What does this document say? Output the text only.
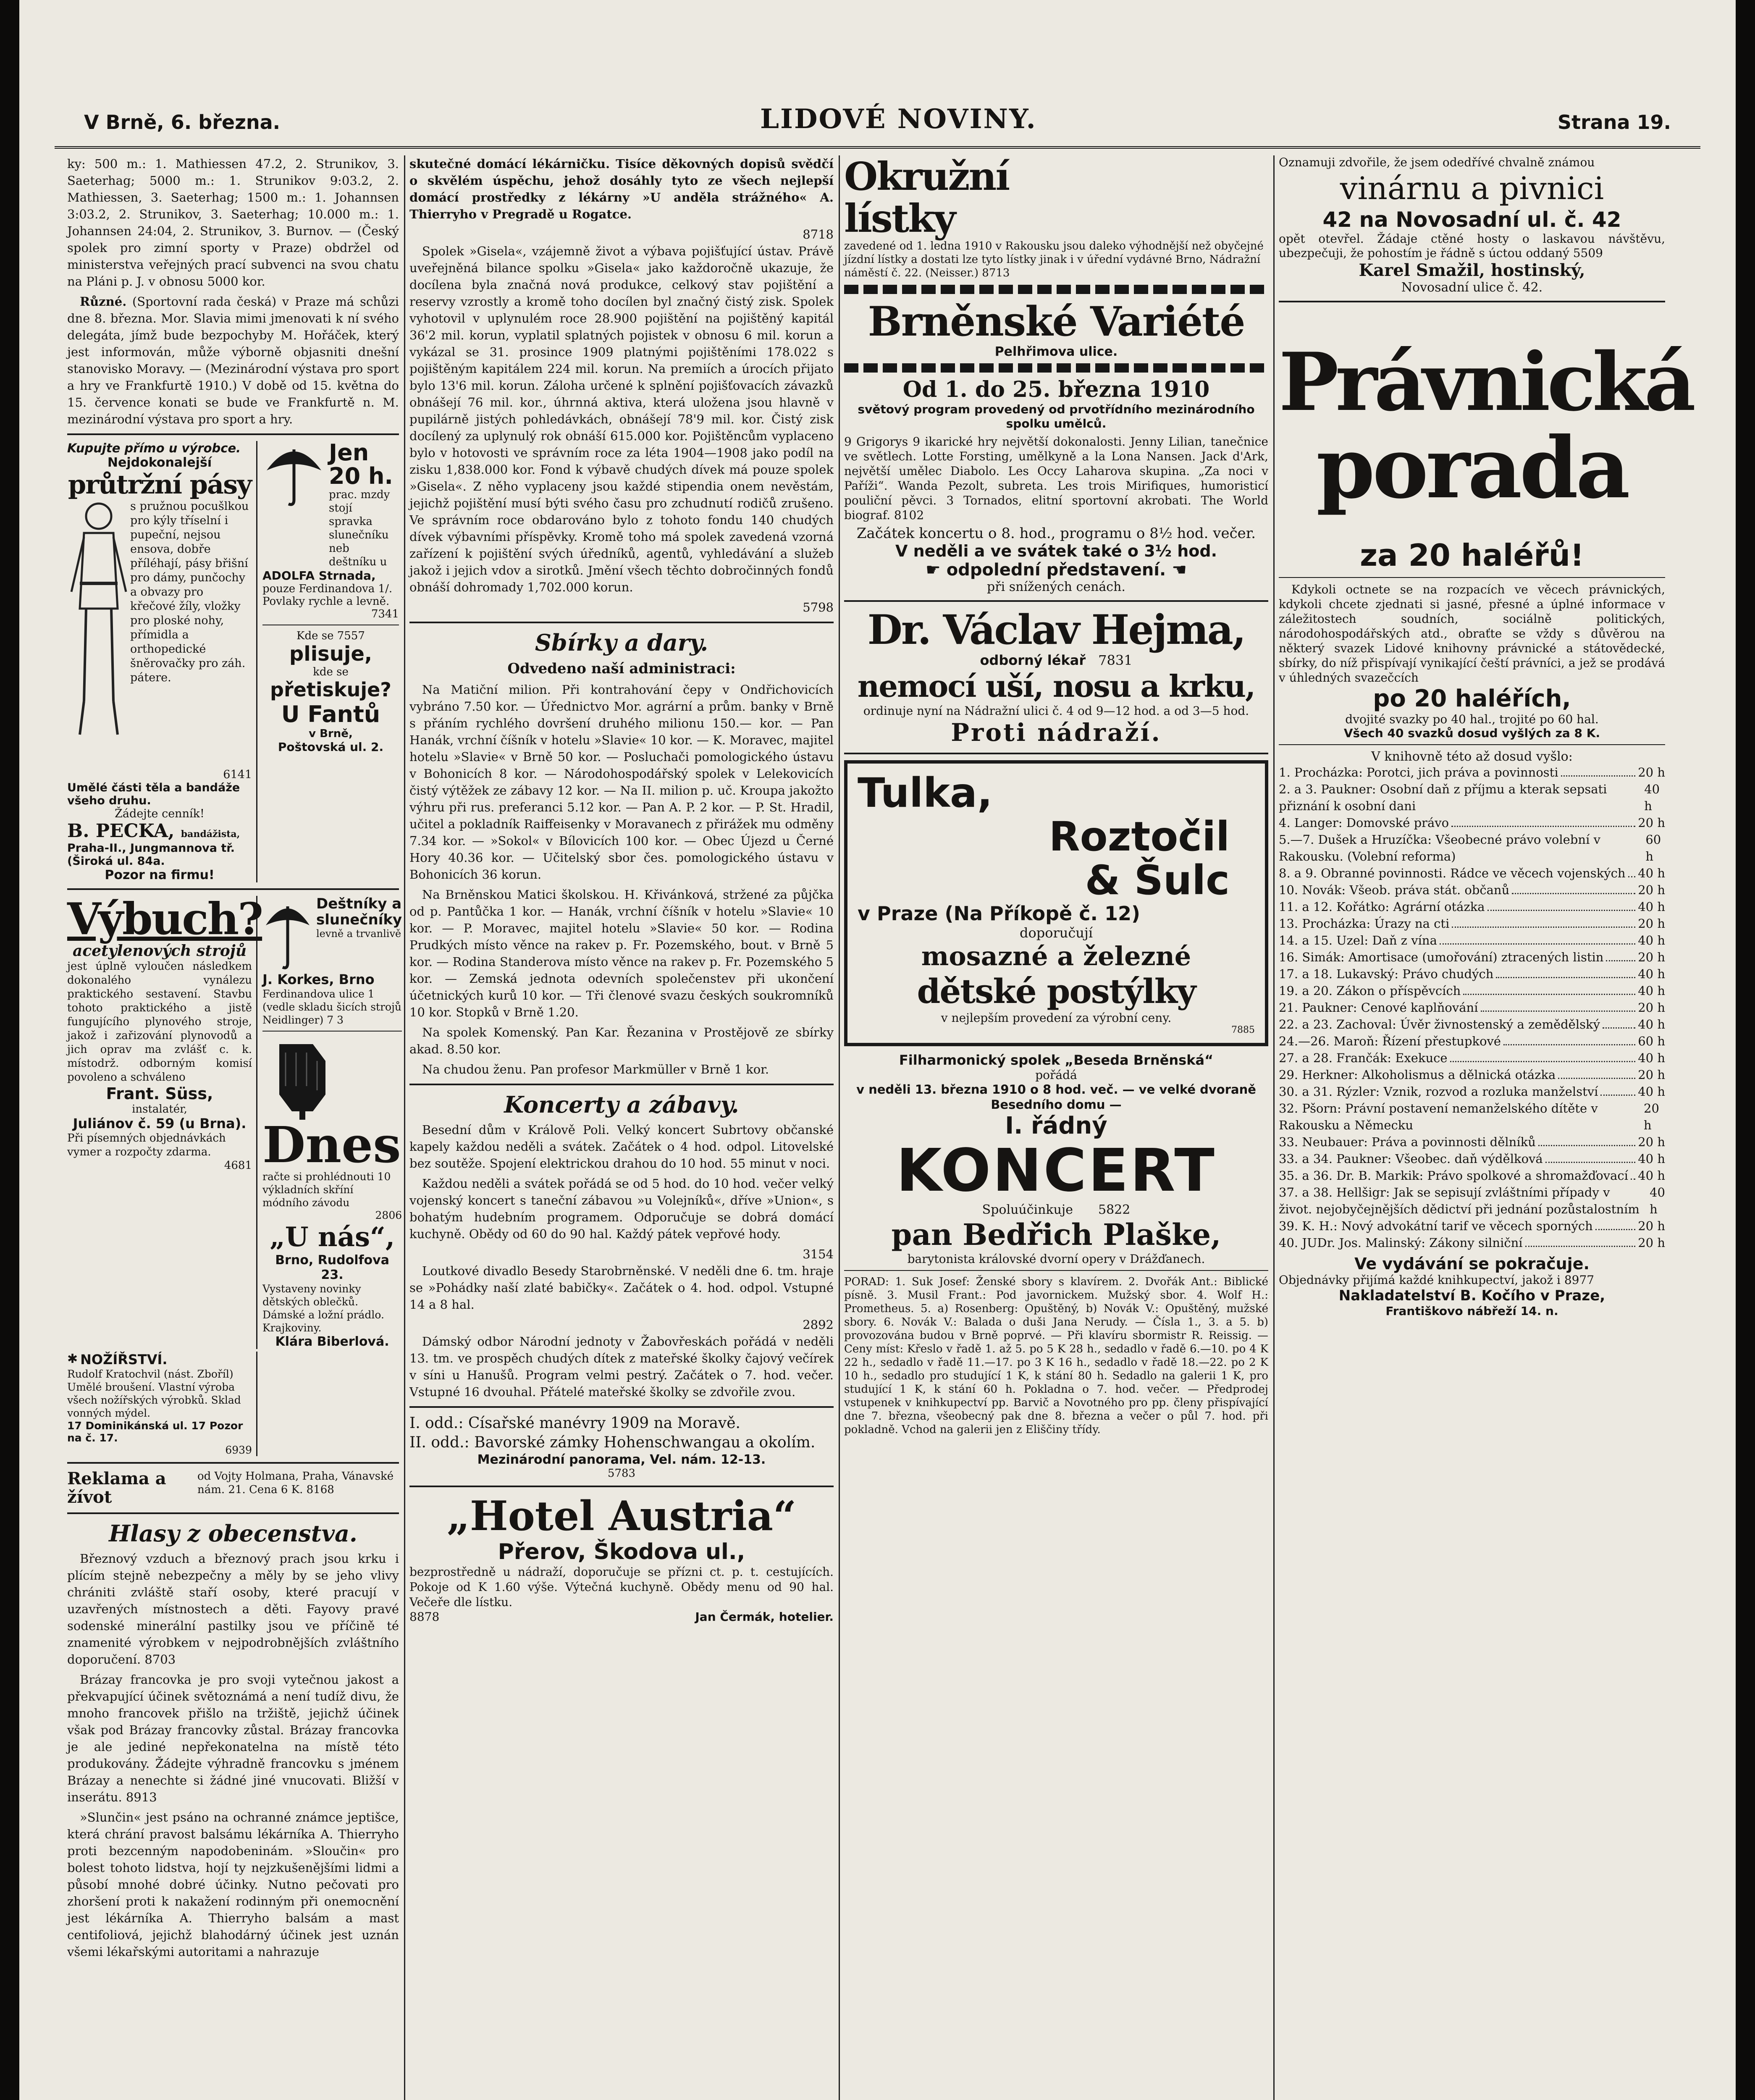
V Brně, 6. března.	LIDOVÉ NOVINY.	Strana 19.

ky: 500 m.: 1. Mathiessen 47.2, 2. Strunikov, 3. Saeterhag; 5000 m.: 1. Strunikov 9:03.2, 2. Mathiessen, 3. Saeterhag; 1500 m.: 1. Johannsen 3:03.2, 2. Strunikov, 3. Saeterhag; 10.000 m.: 1. Johannsen 24:04, 2. Strunikov, 3. Burnov. — (Český spolek pro zimní sporty v Praze) obdržel od ministerstva veřejných prací subvenci na svou chatu na Pláni p. J. v obnosu 5000 kor.

Různé. (Sportovní rada česká) v Praze má schůzi dne 8. března. Mor. Slavia mimi jmenovati k ní svého delegáta, jímž bude bezpochyby M. Hořáček, který jest informován, může výborně objasniti dnešní stanovisko Moravy. — (Mezinárodní výstava pro sport a hry ve Frankfurtě 1910.) V době od 15. května do 15. července konati se bude ve Frankfurtě n. M. mezinárodní výstava pro sport a hry.

Kupujte přímo u výrobce.
Nejdokonalejší
průtržní pásy
s pružnou pocušlkou pro kýly tříselní i pupeční, nejsou ensova, dobře příléhají, pásy břišní pro dámy, punčochy a obvazy pro křečové žíly, vložky pro ploské nohy, přímidla a orthopedické šněrovačky pro záh. pátere.
6141
Umělé části těla a bandáže všeho druhu.
Žádejte cenník!
B. PECKA, bandážista,
Praha-II., Jungmannova tř. (Široká ul. 84a.
Pozor na firmu!
Jen 20 h.
prac. mzdy stojí spravka slunečníku neb deštníku u
ADOLFA Strnada,
pouze Ferdinandova 1/. Povlaky rychle a levně.
7341
Kde se 7557
plisuje,
kde se
přetiskuje?
U Fantů
v Brně,
Poštovská ul. 2.
Výbuch?
acetylenových strojů
jest úplně vyloučen následkem dokonalého vynálezu praktického sestavení. Stavbu tohoto praktického a jistě fungujícího plynového stroje, jakož i zařizování plynovodů a jich oprav ma zvlášť c. k. místodrž. odborným komisí povoleno a schváleno
Frant. Süss,
instalatér,
Juliánov č. 59 (u Brna).
Při písemných objednávkách vymer a rozpočty zdarma.
4681
Deštníky a slunečníky
levně a trvanlivě
J. Korkes, Brno
Ferdinandova ulice 1 (vedle skladu šicích strojů Neidlinger) 7 3
Dnes
račte si prohlédnouti 10 výkladních skříní módního závodu
2806
„U nás“,
Brno, Rudolfova 23.
Vystaveny novinky dětských oblečků. Dámské a ložní prádlo. Krajkoviny.
Klára Biberlová.
✱ NOŽÍŘSTVÍ.
Rudolf Kratochvil (nást. Zboříl) Umělé broušení. Vlastní výroba všech nožířských výrobků. Sklad vonných mýdel.
17 Dominikánská ul. 17 Pozor na č. 17.
6939
Reklama a žívot
od Vojty Holmana, Praha, Vánavské nám. 21. Cena 6 K. 8168
Hlasy z obecenstva.

Březnový vzduch a březnový prach jsou krku i plícím stejně nebezpečny a měly by se jeho vlivy chrániti zvláště staří osoby, které pracují v uzavřených místnostech a děti. Fayovy pravé sodenské minerální pastilky jsou ve příčině té znamenité výrobkem v nejpodrobnějších zvláštního doporučení. 8703

Brázay francovka je pro svoji vytečnou jakost a překvapující účinek světoznámá a není tudíž divu, že mnoho francovek přišlo na tržiště, jejichž účinek však pod Brázay francovky zůstal. Brázay francovka je ale jediné nepřekonatelna na místě této produkovány. Žádejte výhradně francovku s jménem Brázay a nenechte si žádné jiné vnucovati. Bližší v inserátu. 8913

»Slunčin« jest psáno na ochranné známce jeptišce, která chrání pravost balsámu lékárníka A. Thierryho proti bezcenným napodobeninám. »Sloučin« pro bolest tohoto lidstva, hojí ty nejzkušenějšími lidmi a působí mnohé dobré účinky. Nutno pečovati pro zhoršení proti k nakažení rodinným při onemocnění jest lékárníka A. Thierryho balsám a mast centifoliová, jejichž blahodárný účinek jest uznán všemi lékařskými autoritami a nahrazuje

skutečné domácí lékárničku. Tisíce děkovných dopisů svědčí o skvělém úspěchu, jehož dosáhly tyto ze všech nejlepší domácí prostředky z lékárny »U anděla strážného« A. Thierryho v Pregradě u Rogatce.

8718

Spolek »Gisela«, vzájemně život a výbava pojišťující ústav. Právě uveřejněná bilance spolku »Gisela« jako každoročně ukazuje, že docílena byla značná nová produkce, celkový stav pojištění a reservy vzrostly a kromě toho docílen byl značný čistý zisk. Spolek vyhotovil v uplynulém roce 28.900 pojištění na pojištěný kapitál 36'2 mil. korun, vyplatil splatných pojistek v obnosu 6 mil. korun a vykázal se 31. prosince 1909 platnými pojištěními 178.022 s pojištěným kapitálem 224 mil. korun. Na premiích a úrocích přijato bylo 13'6 mil. korun. Záloha určené k splnění pojišťovacích závazků obnášejí 76 mil. kor., úhrnná aktiva, která uložena jsou hlavně v pupilárně jistých pohledávkách, obnášejí 78'9 mil. kor. Čistý zisk docílený za uplynulý rok obnáší 615.000 kor. Pojištěncům vyplaceno bylo v hotovosti ve správním roce za léta 1904—1908 jako podíl na zisku 1,838.000 kor. Fond k výbavě chudých dívek má pouze spolek »Gisela«. Z něho vyplaceny jsou každé stipendia onem nevěstám, jejichž pojištění musí býti svého času pro zchudnutí rodičů zrušeno. Ve správním roce obdarováno bylo z tohoto fondu 140 chudých dívek výbavními příspěvky. Kromě toho má spolek zavedená vzorná zařízení k pojištění svých úředníků, agentů, vyhledávání a služeb jakož i jejich vdov a sirotků. Jmění všech těchto dobročinných fondů obnáší dohromady 1,702.000 korun.

5798
Sbírky a dary.
Odvedeno naší administraci:

Na Matiční milion. Při kontrahování čepy v Ondřichovicích vybráno 7.50 kor. — Úřednictvo Mor. agrární a prům. banky v Brně s přáním rychlého dovršení druhého milionu 150.— kor. — Pan Hanák, vrchní číšník v hotelu »Slavie« 10 kor. — K. Moravec, majitel hotelu »Slavie« v Brně 50 kor. — Posluchači pomologického ústavu v Bohonicích 8 kor. — Národohospodářský spolek v Lelekovicích čistý výtěžek ze zábavy 12 kor. — Na II. milion p. uč. Kroupa jakožto výhru při rus. preferanci 5.12 kor. — Pan A. P. 2 kor. — P. St. Hradil, učitel a pokladník Raiffeisenky v Moravanech z přirážek mu odměny 7.34 kor. — »Sokol« v Bílovicích 100 kor. — Obec Újezd u Černé Hory 40.36 kor. — Učitelský sbor čes. pomologického ústavu v Bohonicích 36 korun.

Na Brněnskou Matici školskou. H. Křivánková, stržené za půjčka od p. Pantůčka 1 kor. — Hanák, vrchní číšník v hotelu »Slavie« 10 kor. — P. Moravec, majitel hotelu »Slavie« 50 kor. — Rodina Prudkých místo věnce na rakev p. Fr. Pozemského, bout. v Brně 5 kor. — Rodina Standerova místo věnce na rakev p. Fr. Pozemského 5 kor. — Zemská jednota odevních společenstev při ukončení účetnických kurů 10 kor. — Tři členové svazu českých soukromníků 10 kor. Stopků v Brně 1.20.

Na spolek Komenský. Pan Kar. Řezanina v Prostějově ze sbírky akad. 8.50 kor.

Na chudou ženu. Pan profesor Markmüller v Brně 1 kor.

Koncerty a zábavy.

Besední dům v Králově Poli. Velký koncert Subrtovy občanské kapely každou neděli a svátek. Začátek o 4 hod. odpol. Litovelské bez soutěže. Spojení elektrickou drahou do 10 hod. 55 minut v noci.

Každou neděli a svátek pořádá se od 5 hod. do 10 hod. večer velký vojenský koncert s taneční zábavou »u Volejníků«, dříve »Union«, s bohatým hudebním programem. Odporučuje se dobrá domácí kuchyně. Obědy od 60 do 90 hal. Každý pátek vepřové hody.

3154

Loutkové divadlo Besedy Starobrněnské. V neděli dne 6. tm. hraje se »Pohádky naší zlaté babičky«. Začátek o 4. hod. odpol. Vstupné 14 a 8 hal.

2892

Dámský odbor Národní jednoty v Žabovřeskách pořádá v neděli 13. tm. ve prospěch chudých dítek z mateřské školky čajový večírek v síni u Hanušů. Program velmi pestrý. Začátek o 7. hod. večer. Vstupné 16 dvouhal. Přátelé mateřské školky se zdvořile zvou.

I. odd.: Císařské manévry 1909 na Moravě.
II. odd.: Bavorské zámky Hohenschwangau a okolím.
Mezinárodní panorama, Vel. nám. 12-13.
5783
„Hotel Austria“
Přerov, Škodova ul.,
bezprostředně u nádraží, doporučuje se přízni ct. p. t. cestujících. Pokoje od K 1.60 výše. Výtečná kuchyně. Obědy menu od 90 hal. Večeře dle lístku.
8878	Jan Čermák, hotelier.
Okružní lístky
zavedené od 1. ledna 1910 v Rakousku jsou daleko výhodnější než obyčejné jízdní lístky a dostati lze tyto lístky jinak i v úřední vydávné Brno, Nádražní náměstí č. 22. (Neisser.) 8713
Brněnské Variété
Pelhřimova ulice.
Od 1. do 25. března 1910
světový program provedený od prvotřídního mezinárodního spolku umělců.
9 Grigorys 9 ikarické hry největší dokonalosti. Jenny Lilian, tanečnice ve světlech. Lotte Forsting, umělkyně a la Lona Nansen. Jack d'Ark, největší umělec Diabolo. Les Occy Laharova skupina. „Za noci v Paříži“. Wanda Pezolt, subreta. Les trois Mirifiques, humoristicí pouliční pěvci. 3 Tornados, elitní sportovní akrobati. The World biograf. 8102
Začátek koncertu o 8. hod., programu o 8½ hod. večer.
V neděli a ve svátek také o 3½ hod.
☛ odpolední představení. ☚
při snížených cenách.
Dr. Václav Hejma,
odborný lékař 7831
nemocí uší, nosu a krku,
ordinuje nyní na Nádražní ulici č. 4 od 9—12 hod. a od 3—5 hod.
Proti nádraží.
Tulka,
Roztočil
& Šulc
v Praze (Na Příkopě č. 12)
doporučují
mosazné a železné
dětské postýlky
v nejlepším provedení za výrobní ceny.
7885
Filharmonický spolek „Beseda Brněnská“
pořádá
v neděli 13. března 1910 o 8 hod. več. — ve velké dvoraně Besedního domu —
I. řádný
KONCERT
Spoluúčinkuje 5822
pan Bedřich Plaške,
barytonista královské dvorní opery v Drážďanech.
PORAD: 1. Suk Josef: Ženské sbory s klavírem. 2. Dvořák Ant.: Biblické písně. 3. Musil Frant.: Pod javornickem. Mužský sbor. 4. Wolf H.: Prometheus. 5. a) Rosenberg: Opuštěný, b) Novák V.: Opuštěný, mužské sbory. 6. Novák V.: Balada o duši Jana Nerudy. — Čísla 1., 3. a 5. b) provozována budou v Brně poprvé. — Při klavíru sbormistr R. Reissig. — Ceny míst: Křeslo v řadě 1. až 5. po 5 K 28 h., sedadlo v řadě 6.—10. po 4 K 22 h., sedadlo v řadě 11.—17. po 3 K 16 h., sedadlo v řadě 18.—22. po 2 K 10 h., sedadlo pro studující 1 K, k stání 80 h. Sedadlo na galerii 1 K, pro studující 1 K, k stání 60 h. Pokladna o 7. hod. večer. — Předprodej vstupenek v knihkupectví pp. Barvič a Novotného pro pp. členy přispívající dne 7. března, všeobecný pak dne 8. března a večer o půl 7. hod. při pokladně. Vchod na galerii jen z Eliščiny třídy.
Oznamuji zdvořile, že jsem odedřívé chvalně známou
vinárnu a pivnici
42 na Novosadní ul. č. 42
opět otevřel. Žádaje ctěné hosty o laskavou návštěvu, ubezpečuji, že pohostím je řádně s úctou oddaný 5509
Karel Smažil, hostinský,
Novosadní ulice č. 42.
Právnická
porada
za 20 haléřů!
Kdykoli octnete se na rozpacích ve věcech právnických, kdykoli chcete zjednati si jasné, přesné a úplné informace v záležitostech soudních, sociálně politických, národohospodářských atd., obraťte se vždy s důvěrou na některý svazek Lidové knihovny právnické a státovědecké, sbírky, do níž přispívají vynikající čeští právníci, a jež se prodává v úhledných svazečcích
po 20 haléřích,
dvojité svazky po 40 hal., trojité po 60 hal.
Všech 40 svazků dosud vyšlých za 8 K.
V knihovně této až dosud vyšlo:
1. Procházka: Porotci, jich práva a povinnosti	20 h
2. a 3. Paukner: Osobní daň z příjmu a kterak sepsati přiznání k osobní dani
40 h
4. Langer: Domovské právo	20 h
5.—7. Dušek a Hruzíčka: Všeobecné právo volební v Rakousku. (Volební reforma)
60 h
8. a 9. Obranné povinnosti. Rádce ve věcech vojenských 40 h
10. Novák: Všeob. práva stát. občanů	20 h
11. a 12. Kořátko: Agrární otázka	40 h
13. Procházka: Úrazy na cti	20 h
14. a 15. Uzel: Daň z vína	40 h
16. Simák: Amortisace (umořování) ztracených listin	20 h
17. a 18. Lukavský: Právo chudých	40 h
19. a 20. Zákon o příspěvcích	40 h
21. Paukner: Cenové kaplňování	20 h
22. a 23. Zachoval: Úvěr živnostenský a zemědělský	40 h
24.—26. Maroň: Řízení přestupkové	60 h
27. a 28. Frančák: Exekuce	40 h
29. Herkner: Alkoholismus a dělnická otázka	20 h
30. a 31. Rýzler: Vznik, rozvod a rozluka manželství	40 h
32. Pšorn: Právní postavení nemanželského dítěte v Rakousku a Německu
20 h
33. Neubauer: Práva a povinnosti dělníků	20 h
33. a 34. Paukner: Všeobec. daň výdělková	40 h
35. a 36. Dr. B. Markik: Právo spolkové a shromažďovací 40 h
37. a 38. Hellšigr: Jak se sepisují zvláštními případy v život. nejobyčejnějších dědictví při jednání pozůstalostním
40 h
39. K. H.: Nový advokátní tarif ve věcech sporných	20 h
40. JUDr. Jos. Malinský: Zákony silniční	20 h
Ve vydávání se pokračuje.
Objednávky přijímá každé knihkupectví, jakož i 8977
Nakladatelství B. Kočího v Praze,
Františkovo nábřeží 14. n.
